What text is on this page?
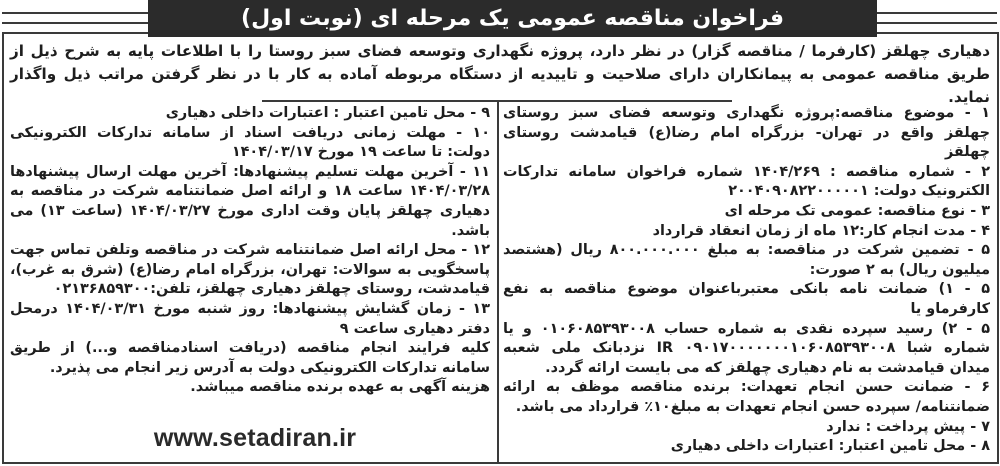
فراخوان مناقصه عمومی یک مرحله ای (نوبت اول)
دهیاری چهلقز (کارفرما / مناقصه گزار) در نظر دارد، پروژه نگهداری وتوسعه فضای سبز روستا را با اطلاعات پایه به شرح ذیل از طریق مناقصه عمومی به پیمانکاران دارای صلاحیت و تاییدیه از دستگاه مربوطه آماده به کار با در نظر گرفتن مراتب ذیل واگذار نماید.

۱ - موضوع مناقصه:پروژه نگهداری وتوسعه فضای سبز روستای چهلقز واقع در تهران- بزرگراه امام رضا(ع) قیامدشت روستای چهلقز

۲ - شماره مناقصه : ۱۴۰۴/۲۶۹ شماره فراخوان سامانه تدارکات الکترونیک دولت: ۲۰۰۴۰۹۰۸۲۲۰۰۰۰۰۱

۳ - نوع مناقصه: عمومی تک مرحله ای

۴ - مدت انجام کار:۱۲ ماه از زمان انعقاد قرارداد

۵ - تضمین شرکت در مناقصه: به مبلغ ۸۰۰.۰۰۰.۰۰۰ ریال (هشتصد میلیون ریال) به ۲ صورت:

۵ - ۱) ضمانت نامه بانکی معتبرباعنوان موضوع مناقصه به نفع کارفرماو یا

۵ - ۲) رسید سپرده نقدی به شماره حساب ۰۱۰۶۰۸۵۳۹۳۰۰۸ و یا شماره شبا IR ۰۹۰۱۷۰۰۰۰۰۰۰۱۰۶۰۸۵۳۹۳۰۰۸ نزدبانک ملی شعبه میدان قیامدشت به نام دهیاری چهلقز که می بایست ارائه گردد.

۶ - ضمانت حسن انجام تعهدات: برنده مناقصه موظف به ارائه ضمانتنامه/ سپرده حسن انجام تعهدات به مبلغ۱۰٪ قرارداد می باشد.

۷ - پیش پرداخت : ندارد

۸ - محل تامین اعتبار: اعتبارات داخلی دهیاری

۹ - محل تامین اعتبار : اعتبارات داخلی دهیاری

۱۰ - مهلت زمانی دریافت اسناد از سامانه تدارکات الکترونیکی دولت: تا ساعت ۱۹ مورخ ۱۴۰۴/۰۳/۱۷

۱۱ - آخرین مهلت تسلیم پیشنهادها: آخرین مهلت ارسال پیشنهادها ۱۴۰۴/۰۳/۲۸ ساعت ۱۸ و ارائه اصل ضمانتنامه شرکت در مناقصه به دهیاری چهلقز پایان وقت اداری مورخ ۱۴۰۴/۰۳/۲۷ (ساعت ۱۳) می باشد.

۱۲ - محل ارائه اصل ضمانتنامه شرکت در مناقصه وتلفن تماس جهت پاسخگویی به سوالات: تهران، بزرگراه امام رضا(ع) (شرق به غرب)، قیامدشت، روستای چهلقز دهیاری چهلقز، تلفن:۰۲۱۳۶۸۵۹۳۰۰

۱۳ - زمان گشایش پیشنهادها: روز شنبه مورخ ۱۴۰۴/۰۳/۳۱ درمحل دفتر دهیاری ساعت ۹

کلیه فرایند انجام مناقصه (دریافت اسنادمناقصه و...) از طریق سامانه تدارکات الکترونیکی دولت به آدرس زیر انجام می پذیرد.

هزینه آگهی به عهده برنده مناقصه میباشد.

www.setadiran.ir
